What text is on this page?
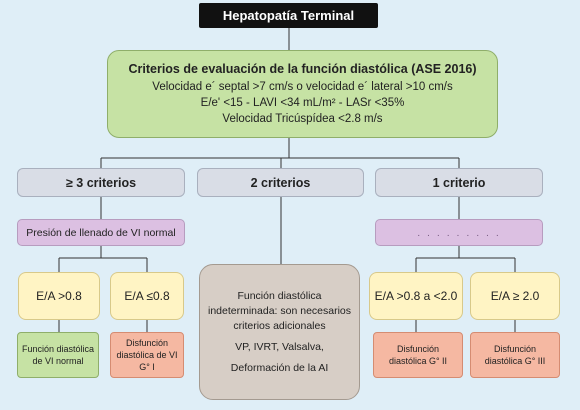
Hepatopatía Terminal
Criterios de evaluación de la función diastólica (ASE 2016)
Velocidad e´ septal >7 cm/s o velocidad e´ lateral >10 cm/s
E/e' <15 - LAVI <34 mL/m² - LASr <35%
Velocidad Tricúspídea <2.8 m/s
≥ 3 criterios	2 criterios	1 criterio
Presión de llenado de VI normal	. . . . . . . . .
E/A >0.8	E/A ≤0.8	E/A >0.8 a <2.0	E/A ≥ 2.0
Función diastólica de VI normal
Disfunción diastólica de VI G° I
Disfunción diastólica G° II
Disfunción diastólica G° III
Función diastólica indeterminada: son necesarios criterios adicionales
VP, IVRT, Valsalva,
Deformación de la AI
